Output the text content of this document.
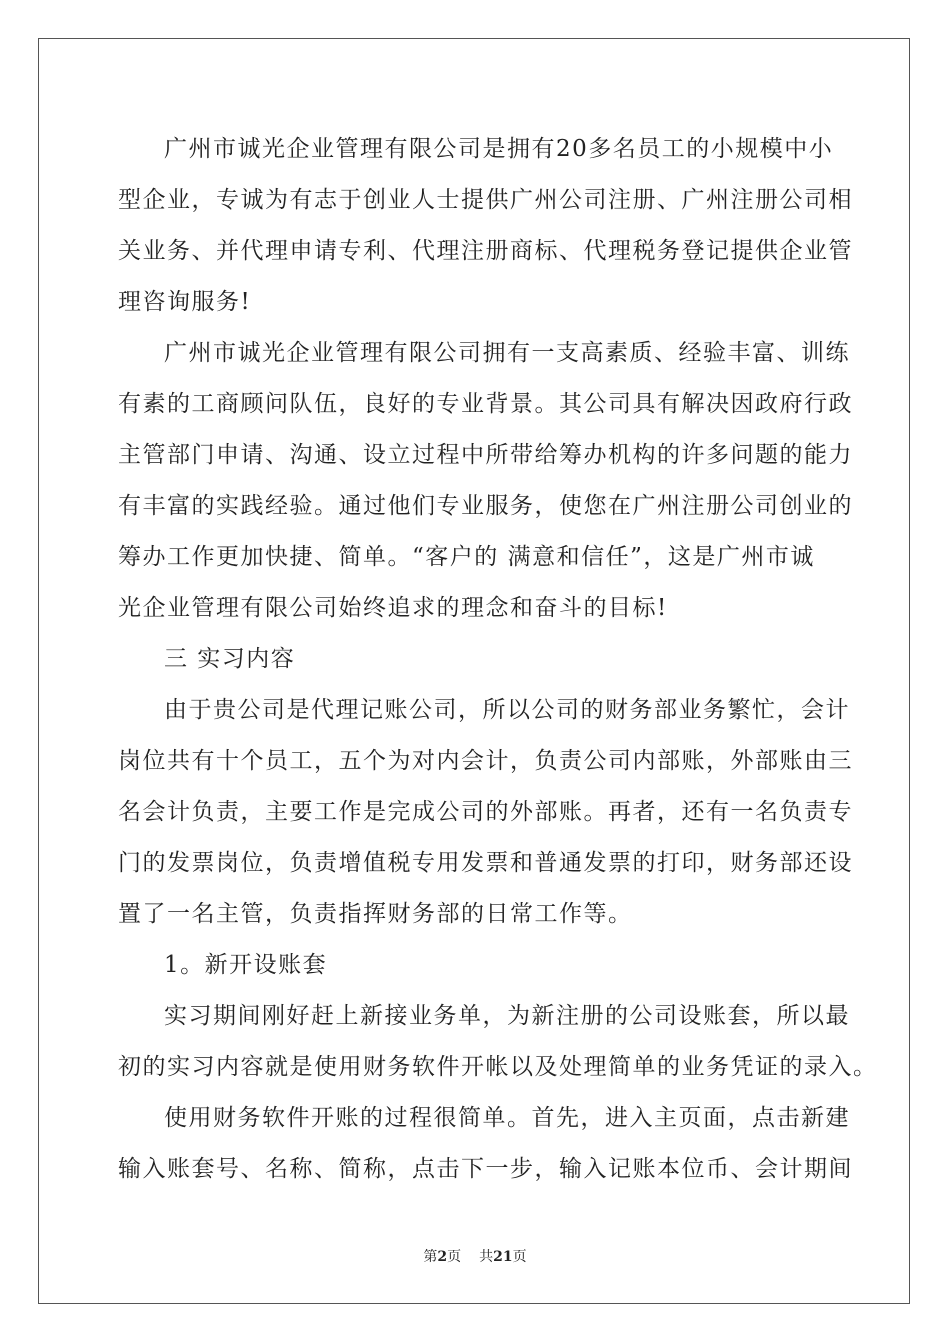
广州市诚光企业管理有限公司是拥有20多名员工的小规模中小
型企业，专诚为有志于创业人士提供广州公司注册、广州注册公司相
关业务、并代理申请专利、代理注册商标、代理税务登记提供企业管
理咨询服务!

广州市诚光企业管理有限公司拥有一支高素质、经验丰富、训练
有素的工商顾问队伍，良好的专业背景。其公司具有解决因政府行政
主管部门申请、沟通、设立过程中所带给筹办机构的许多问题的能力
有丰富的实践经验。通过他们专业服务，使您在广州注册公司创业的
筹办工作更加快捷、简单。“客户的 满意和信任”，这是广州市诚
光企业管理有限公司始终追求的理念和奋斗的目标!

三 实习内容

由于贵公司是代理记账公司，所以公司的财务部业务繁忙，会计
岗位共有十个员工，五个为对内会计，负责公司内部账，外部账由三
名会计负责，主要工作是完成公司的外部账。再者，还有一名负责专
门的发票岗位，负责增值税专用发票和普通发票的打印，财务部还设
置了一名主管，负责指挥财务部的日常工作等。

1。新开设账套

实习期间刚好赶上新接业务单，为新注册的公司设账套，所以最
初的实习内容就是使用财务软件开帐以及处理简单的业务凭证的录入。

使用财务软件开账的过程很简单。首先，进入主页面，点击新建
输入账套号、名称、简称，点击下一步，输入记账本位币、会计期间

第2页 共21页
